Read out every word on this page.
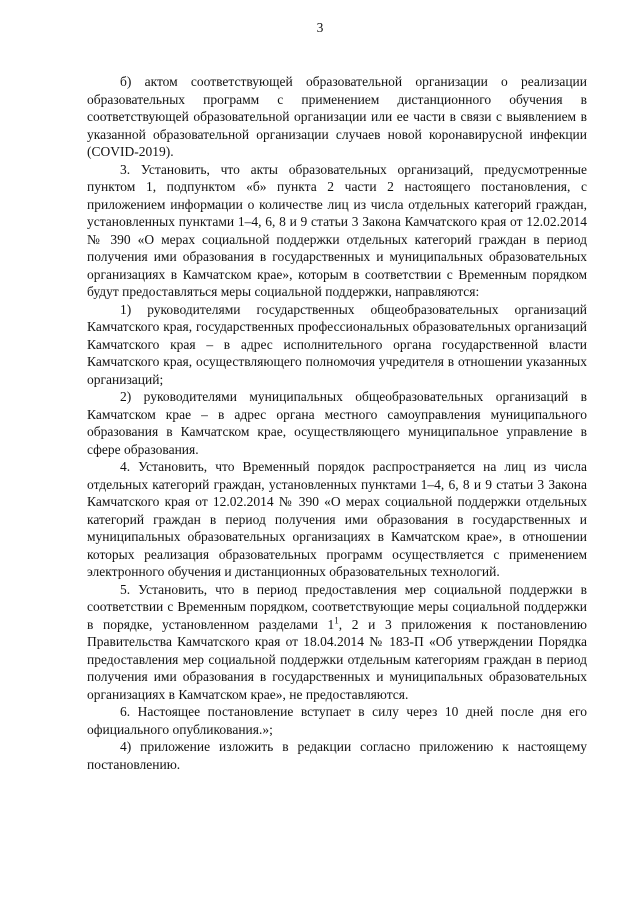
3

б) актом соответствующей образовательной организации о реализации образовательных программ с применением дистанционного обучения в соответствующей образовательной организации или ее части в связи с выявлением в указанной образовательной организации случаев новой коронавирусной инфекции (COVID-2019).

3. Установить, что акты образовательных организаций, предусмотренные пунктом 1, подпунктом «б» пункта 2 части 2 настоящего постановления, с приложением информации о количестве лиц из числа отдельных категорий граждан, установленных пунктами 1–4, 6, 8 и 9 статьи 3 Закона Камчатского края от 12.02.2014 № 390 «О мерах социальной поддержки отдельных категорий граждан в период получения ими образования в государственных и муниципальных образовательных организациях в Камчатском крае», которым в соответствии с Временным порядком будут предоставляться меры социальной поддержки, направляются:

1) руководителями государственных общеобразовательных организаций Камчатского края, государственных профессиональных образовательных организаций Камчатского края – в адрес исполнительного органа государственной власти Камчатского края, осуществляющего полномочия учредителя в отношении указанных организаций;

2) руководителями муниципальных общеобразовательных организаций в Камчатском крае – в адрес органа местного самоуправления муниципального образования в Камчатском крае, осуществляющего муниципальное управление в сфере образования.

4. Установить, что Временный порядок распространяется на лиц из числа отдельных категорий граждан, установленных пунктами 1–4, 6, 8 и 9 статьи 3 Закона Камчатского края от 12.02.2014 № 390 «О мерах социальной поддержки отдельных категорий граждан в период получения ими образования в государственных и муниципальных образовательных организациях в Камчатском крае», в отношении которых реализация образовательных программ осуществляется с применением электронного обучения и дистанционных образовательных технологий.

5. Установить, что в период предоставления мер социальной поддержки в соответствии с Временным порядком, соответствующие меры социальной поддержки в порядке, установленном разделами $1^1$, 2 и 3 приложения к постановлению Правительства Камчатского края от 18.04.2014 № 183-П «Об утверждении Порядка предоставления мер социальной поддержки отдельным категориям граждан в период получения ими образования в государственных и муниципальных образовательных организациях в Камчатском крае», не предоставляются.

6. Настоящее постановление вступает в силу через 10 дней после дня его официального опубликования.»;

4) приложение изложить в редакции согласно приложению к настоящему постановлению.
